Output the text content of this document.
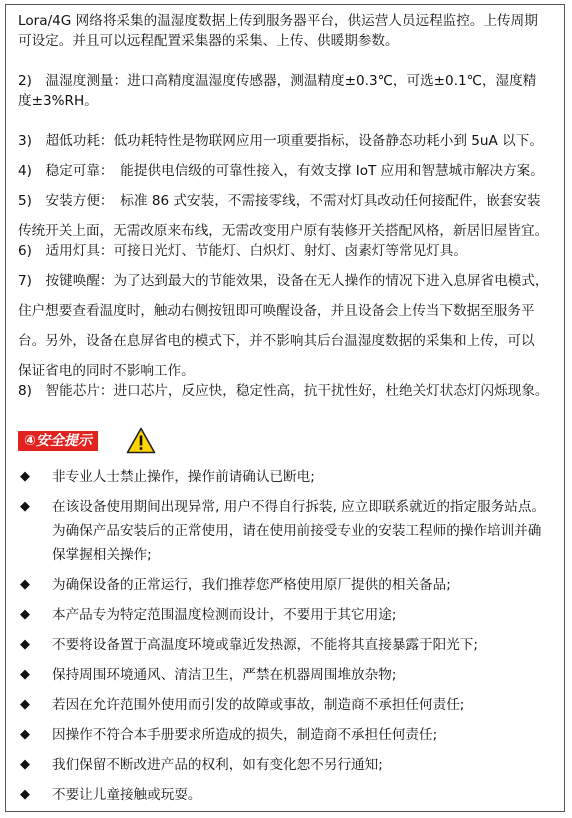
Lora/4G 网络将采集的温湿度数据上传到服务器平台，供运营人员远程监控。上传周期
可设定。并且可以远程配置采集器的采集、上传、供暖期参数。
2)　温湿度测量：进口高精度温湿度传感器，测温精度±0.3℃，可选±0.1℃，湿度精
度±3%RH。
3)　超低功耗：低功耗特性是物联网应用一项重要指标，设备静态功耗小到 5uA 以下。
4)　稳定可靠：　能提供电信级的可靠性接入，有效支撑 IoT 应用和智慧城市解决方案。
5)　安装方便：　标准 86 式安装，不需接零线，不需对灯具改动任何接配件，嵌套安装
传统开关上面，无需改原来布线，无需改变用户原有装修开关搭配风格，新居旧屋皆宜。
6)　适用灯具：可接日光灯、节能灯、白炽灯、射灯、卤素灯等常见灯具。
7)　按键唤醒：为了达到最大的节能效果，设备在无人操作的情况下进入息屏省电模式，
住户想要查看温度时，触动右侧按钮即可唤醒设备，并且设备会上传当下数据至服务平
台。另外，设备在息屏省电的模式下，并不影响其后台温湿度数据的采集和上传，可以
保证省电的同时不影响工作。
8)　智能芯片：进口芯片，反应快，稳定性高，抗干扰性好，杜绝关灯状态灯闪烁现象。
④安全提示
◆ 非专业人士禁止操作，操作前请确认已断电;
◆ 在该设备使用期间出现异常, 用户不得自行拆装, 应立即联系就近的指定服务站点。
为确保产品安装后的正常使用，请在使用前接受专业的安装工程师的操作培训并确
保掌握相关操作;
◆ 为确保设备的正常运行，我们推荐您严格使用原厂提供的相关备品;
◆ 本产品专为特定范围温度检测而设计，不要用于其它用途;
◆ 不要将设备置于高温度环境或靠近发热源，不能将其直接暴露于阳光下;
◆ 保持周围环境通风、清洁卫生，严禁在机器周围堆放杂物;
◆ 若因在允许范围外使用而引发的故障或事故，制造商不承担任何责任;
◆ 因操作不符合本手册要求所造成的损失，制造商不承担任何责任;
◆ 我们保留不断改进产品的权利，如有变化恕不另行通知;
◆ 不要让儿童接触或玩耍。
